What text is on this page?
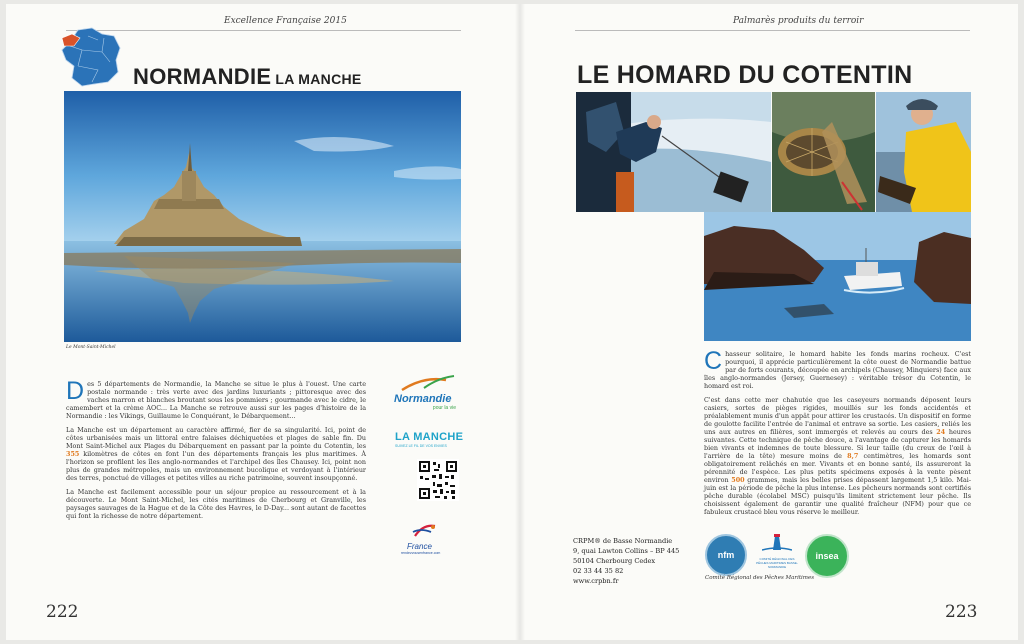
Excellence Française 2015
NORMANDIE LA MANCHE
Le Mont-Saint-Michel

Des 5 départements de Normandie, la Manche se situe le plus à l'ouest. Une carte postale normande : très verte avec des jardins luxuriants ; pittoresque avec des vaches marron et blanches broutant sous les pommiers ; gourmande avec le cidre, le camembert et la crème AOC... La Manche se retrouve aussi sur les pages d'histoire de la Normandie : les Vikings, Guillaume le Conquérant, le Débarquement...

La Manche est un département au caractère affirmé, fier de sa singularité. Ici, point de côtes urbanisées mais un littoral entre falaises déchiquetées et plages de sable fin. Du Mont Saint-Michel aux Plages du Débarquement en passant par la pointe du Cotentin, les 355 kilomètres de côtes en font l'un des départements français les plus maritimes. À l'horizon se profilent les îles anglo-normandes et l'archipel des îles Chausey. Ici, point non plus de grandes métropoles, mais un environnement bucolique et verdoyant à l'intérieur des terres, ponctué de villages et petites villes au riche patrimoine, souvent insoupçonné.

La Manche est facilement accessible pour un séjour propice au ressourcement et à la découverte. Le Mont Saint-Michel, les cités maritimes de Cherbourg et Granville, les paysages sauvages de la Hague et de la Côte des Havres, le D-Day... sont autant de facettes qui font la richesse de notre département.

Normandie
pour la vie
LA MANCHE
SUIVEZ LE FIL DE VOS ENVIES
France
rendezvousenfrance.com
222
Palmarès produits du terroir
LE HOMARD DU COTENTIN

Chasseur solitaire, le homard habite les fonds marins rocheux. C'est pourquoi, il apprécie particulièrement la côte ouest de Normandie battue par de forts courants, découpée en archipels (Chausey, Minquiers) face aux îles anglo-normandes (Jersey, Guernesey) : véritable trésor du Cotentin, le homard est roi.

C'est dans cette mer chahutée que les caseyeurs normands déposent leurs casiers, sortes de pièges rigides, mouillés sur les fonds accidentés et préalablement munis d'un appât pour attirer les crustacés. Un dispositif en forme de goulotte facilite l'entrée de l'animal et entrave sa sortie. Les casiers, reliés les uns aux autres en filières, sont immergés et relevés au cours des 24 heures suivantes. Cette technique de pêche douce, a l'avantage de capturer les homards bien vivants et indemnes de toute blessure. Si leur taille (du creux de l'œil à l'arrière de la tête) mesure moins de 8,7 centimètres, les homards sont obligatoirement relâchés en mer. Vivants et en bonne santé, ils assureront la pérennité de l'espèce. Les plus petits spécimens exposés à la vente pèsent environ 500 grammes, mais les belles prises dépassent largement 1,5 kilo. Mai-juin est la période de pêche la plus intense. Les pêcheurs normands sont certifiés pêche durable (écolabel MSC) puisqu'ils limitent strictement leur pêche. Ils choisissent également de garantir une qualité fraîcheur (NFM) pour que ce fabuleux crustacé bleu vous réserve le meilleur.

CRPM® de Basse Normandie
9, quai Lawton Collins – BP 445
50104 Cherbourg Cedex
02 33 44 35 82
www.crpbn.fr
nfm	COMITÉ RÉGIONAL DES PÊCHES MARITIMES BASSE-NORMANDIE
insea
Comité Régional des Pêches Maritimes
223
